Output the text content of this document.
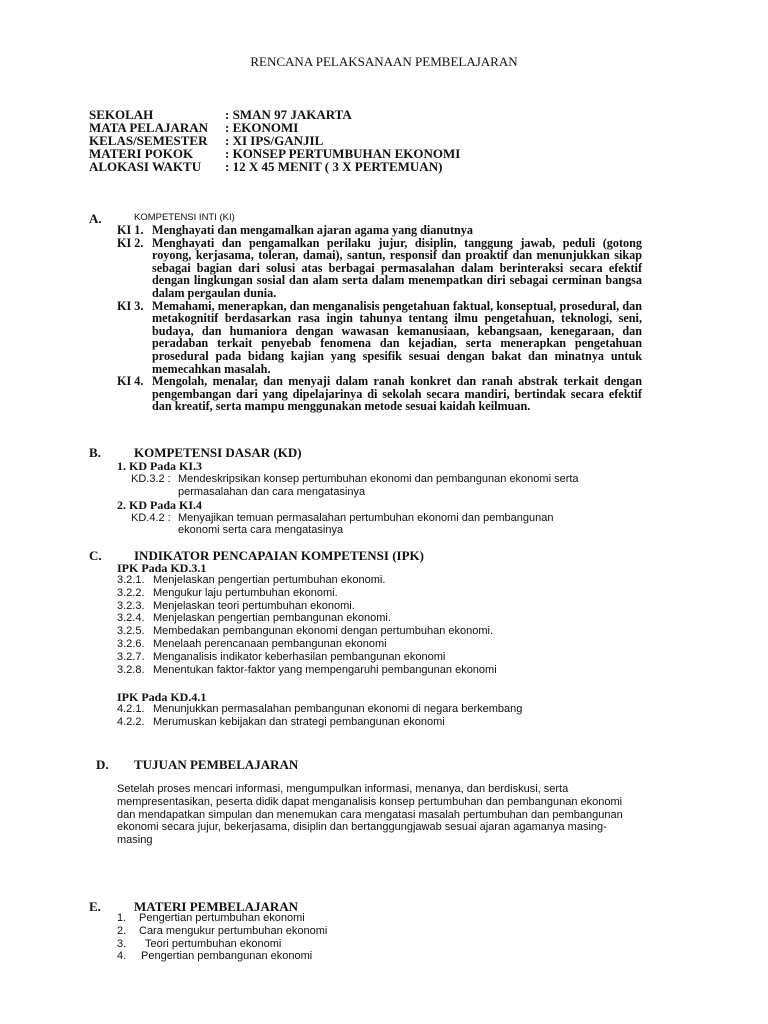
RENCANA PELAKSANAAN PEMBELAJARAN
SEKOLAH	: SMAN 97 JAKARTA
MATA PELAJARAN	: EKONOMI
KELAS/SEMESTER	: XI IPS/GANJIL
MATERI POKOK	: KONSEP PERTUMBUHAN EKONOMI
ALOKASI WAKTU	: 12 X 45 MENIT ( 3 X PERTEMUAN)
A.	KOMPETENSI INTI (KI)
KI 1. Menghayati dan mengamalkan ajaran agama yang dianutnya
KI 2. Menghayati dan pengamalkan perilaku jujur, disiplin, tanggung jawab, peduli (gotong royong, kerjasama, toleran, damai), santun, responsif dan proaktif dan menunjukkan sikap sebagai bagian dari solusi atas berbagai permasalahan dalam berinteraksi secara efektif dengan lingkungan sosial dan alam serta dalam menempatkan diri sebagai cerminan bangsa dalam pergaulan dunia.
KI 3. Memahami, menerapkan, dan menganalisis pengetahuan faktual, konseptual, prosedural, dan metakognitif berdasarkan rasa ingin tahunya tentang ilmu pengetahuan, teknologi, seni, budaya, dan humaniora dengan wawasan kemanusiaan, kebangsaan, kenegaraan, dan peradaban terkait penyebab fenomena dan kejadian, serta menerapkan pengetahuan prosedural pada bidang kajian yang spesifik sesuai dengan bakat dan minatnya untuk memecahkan masalah.
KI 4. Mengolah, menalar, dan menyaji dalam ranah konkret dan ranah abstrak terkait dengan pengembangan dari yang dipelajarinya di sekolah secara mandiri, bertindak secara efektif dan kreatif, serta mampu menggunakan metode sesuai kaidah keilmuan.
B.	KOMPETENSI DASAR (KD)
1. KD Pada KI.3
KD.3.2 : Mendeskripsikan konsep pertumbuhan ekonomi dan pembangunan ekonomi serta
permasalahan dan cara mengatasinya
2. KD Pada KI.4
KD.4.2 : Menyajikan temuan permasalahan pertumbuhan ekonomi dan pembangunan
ekonomi serta cara mengatasinya
C. INDIKATOR PENCAPAIAN KOMPETENSI (IPK)
IPK Pada KD.3.1
3.2.1. Menjelaskan pengertian pertumbuhan ekonomi.
3.2.2. Mengukur laju pertumbuhan ekonomi.
3.2.3. Menjelaskan teori pertumbuhan ekonomi.
3.2.4. Menjelaskan pengertian pembangunan ekonomi.
3.2.5. Membedakan pembangunan ekonomi dengan pertumbuhan ekonomi.
3.2.6. Menelaah perencanaan pembangunan ekonomi
3.2.7. Menganalisis indikator keberhasilan pembangunan ekonomi
3.2.8. Menentukan faktor-faktor yang mempengaruhi pembangunan ekonomi
IPK Pada KD.4.1
4.2.1. Menunjukkan permasalahan pembangunan ekonomi di negara berkembang
4.2.2. Merumuskan kebijakan dan strategi pembangunan ekonomi
D. TUJUAN PEMBELAJARAN
Setelah proses mencari informasi, mengumpulkan informasi, menanya, dan berdiskusi, serta
mempresentasikan, peserta didik dapat menganalisis konsep pertumbuhan dan pembangunan ekonomi
dan mendapatkan simpulan dan menemukan cara mengatasi masalah pertumbuhan dan pembangunan
ekonomi secara jujur, bekerjasama, disiplin dan bertanggungjawab sesuai ajaran agamanya masing-
masing
E.	MATERI PEMBELAJARAN
1.	Pengertian pertumbuhan ekonomi
2.	Cara mengukur pertumbuhan ekonomi
3.	Teori pertumbuhan ekonomi
4.	Pengertian pembangunan ekonomi
